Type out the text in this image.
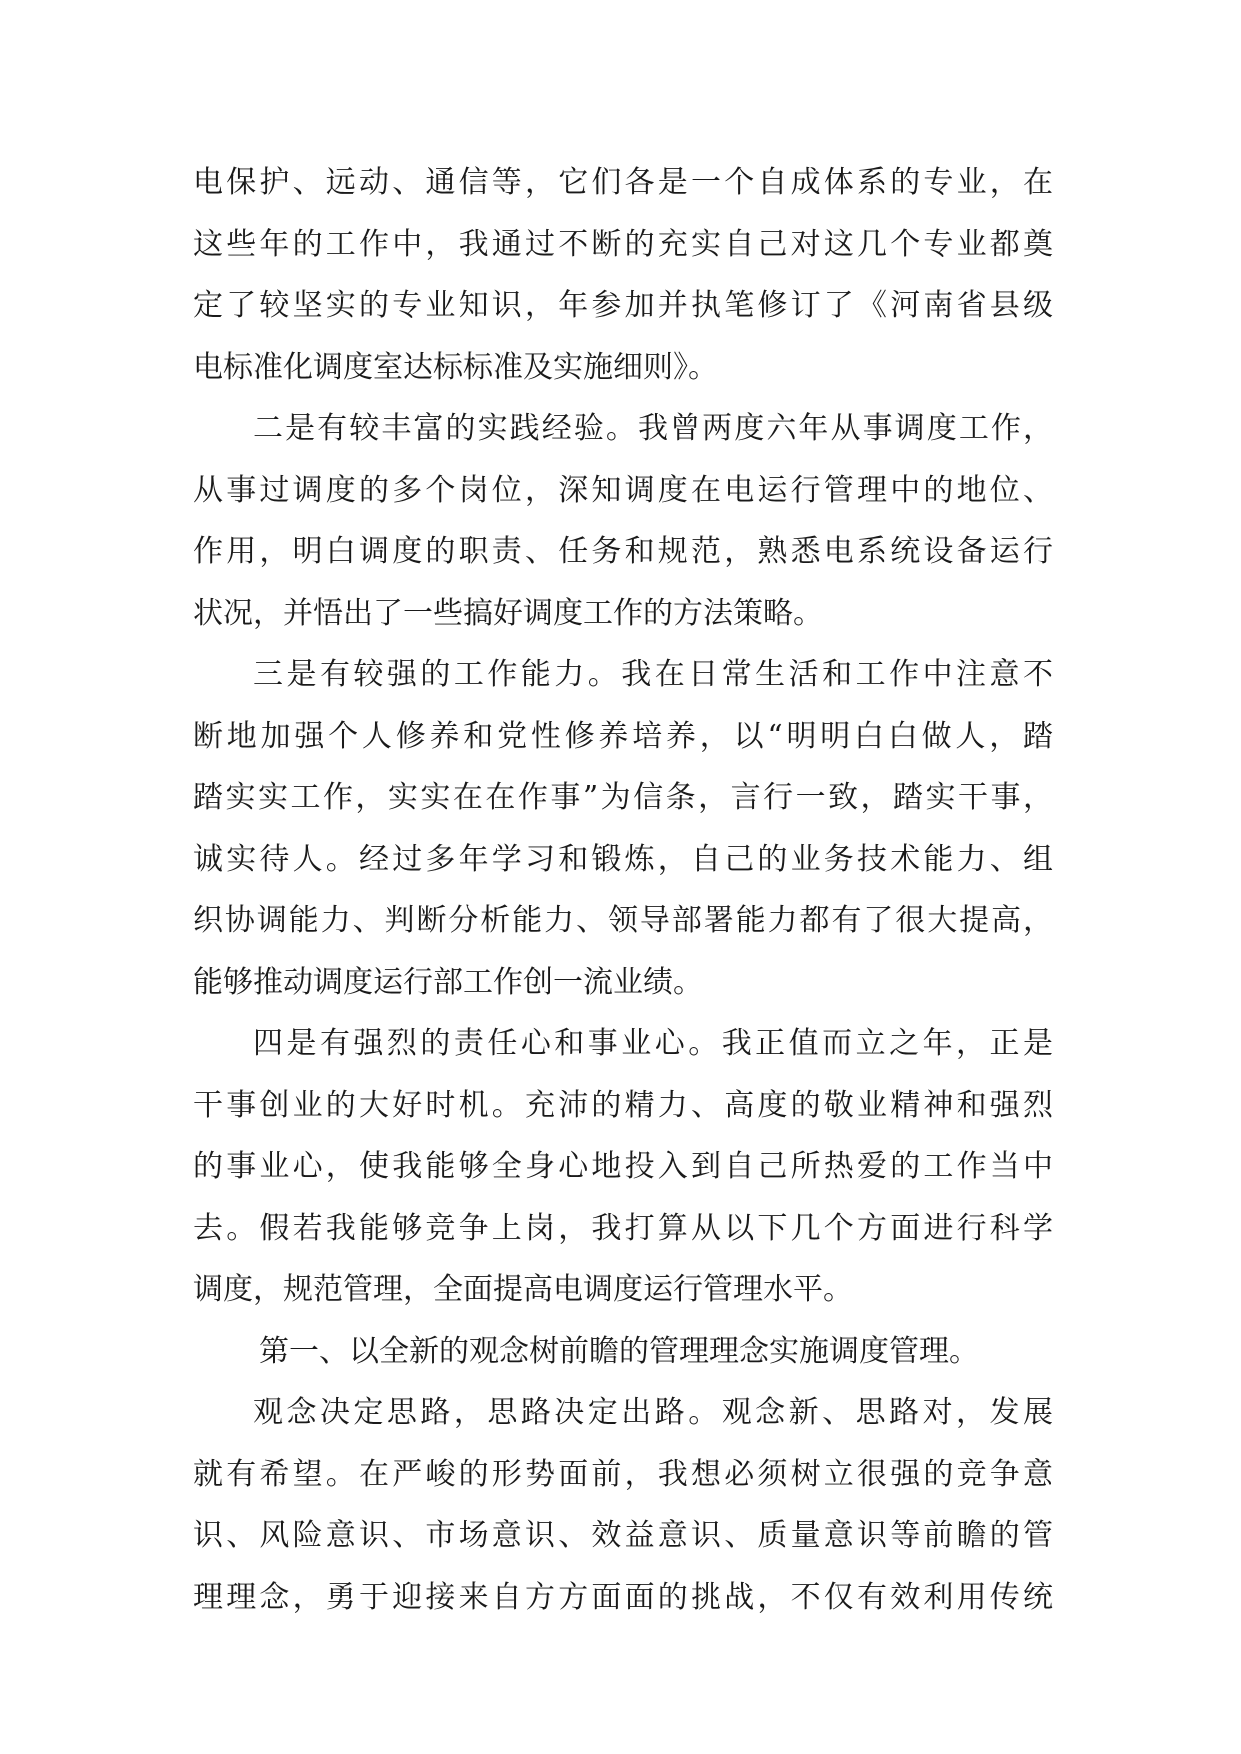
电保护、远动、通信等，它们各是一个自成体系的专业，在
这些年的工作中，我通过不断的充实自己对这几个专业都奠
定了较坚实的专业知识，年参加并执笔修订了《河南省县级
电标准化调度室达标标准及实施细则》。
二是有较丰富的实践经验。我曾两度六年从事调度工作，
从事过调度的多个岗位，深知调度在电运行管理中的地位、
作用，明白调度的职责、任务和规范，熟悉电系统设备运行
状况，并悟出了一些搞好调度工作的方法策略。
三是有较强的工作能力。我在日常生活和工作中注意不
断地加强个人修养和党性修养培养，以“明明白白做人，踏
踏实实工作，实实在在作事”为信条，言行一致，踏实干事，
诚实待人。经过多年学习和锻炼，自己的业务技术能力、组
织协调能力、判断分析能力、领导部署能力都有了很大提高，
能够推动调度运行部工作创一流业绩。
四是有强烈的责任心和事业心。我正值而立之年，正是
干事创业的大好时机。充沛的精力、高度的敬业精神和强烈
的事业心，使我能够全身心地投入到自己所热爱的工作当中
去。假若我能够竞争上岗，我打算从以下几个方面进行科学
调度，规范管理，全面提高电调度运行管理水平。
第一、以全新的观念树前瞻的管理理念实施调度管理。
观念决定思路，思路决定出路。观念新、思路对，发展
就有希望。在严峻的形势面前，我想必须树立很强的竞争意
识、风险意识、市场意识、效益意识、质量意识等前瞻的管
理理念，勇于迎接来自方方面面的挑战，不仅有效利用传统
